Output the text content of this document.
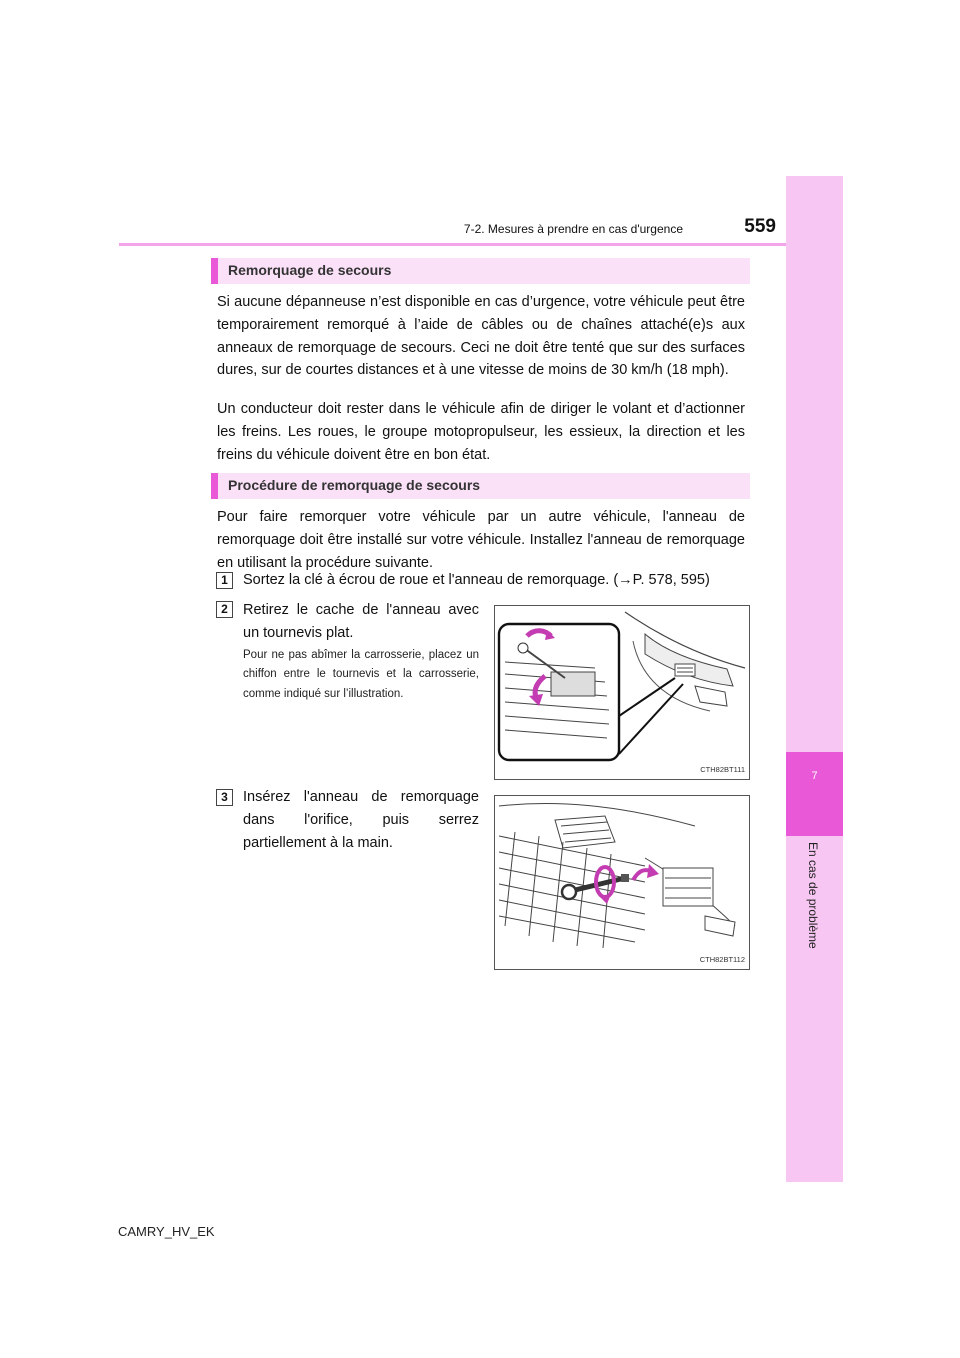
7
En cas de problème
7-2. Mesures à prendre en cas d'urgence	559
Remorquage de secours

Si aucune dépanneuse n’est disponible en cas d’urgence, votre véhicule peut être temporairement remorqué à l’aide de câbles ou de chaînes attaché(e)s aux anneaux de remorquage de secours. Ceci ne doit être tenté que sur des surfaces dures, sur de courtes distances et à une vitesse de moins de 30 km/h (18 mph).

Un conducteur doit rester dans le véhicule afin de diriger le volant et d’actionner les freins. Les roues, le groupe motopropulseur, les essieux, la direction et les freins du véhicule doivent être en bon état.

Procédure de remorquage de secours

Pour faire remorquer votre véhicule par un autre véhicule, l'anneau de remorquage doit être installé sur votre véhicule. Installez l'anneau de remorquage en utilisant la procédure suivante.

1	Sortez la clé à écrou de roue et l'anneau de remorquage. (→P. 578, 595)

2	Retirez le cache de l'anneau avec un tournevis plat.

Pour ne pas abîmer la carrosserie, placez un chiffon entre le tournevis et la carrosserie, comme indiqué sur l’illustration.

CTH82BT111
3	Insérez l'anneau de remorquage dans l'orifice, puis serrez partiellement à la main.

CTH82BT112
CAMRY_HV_EK
